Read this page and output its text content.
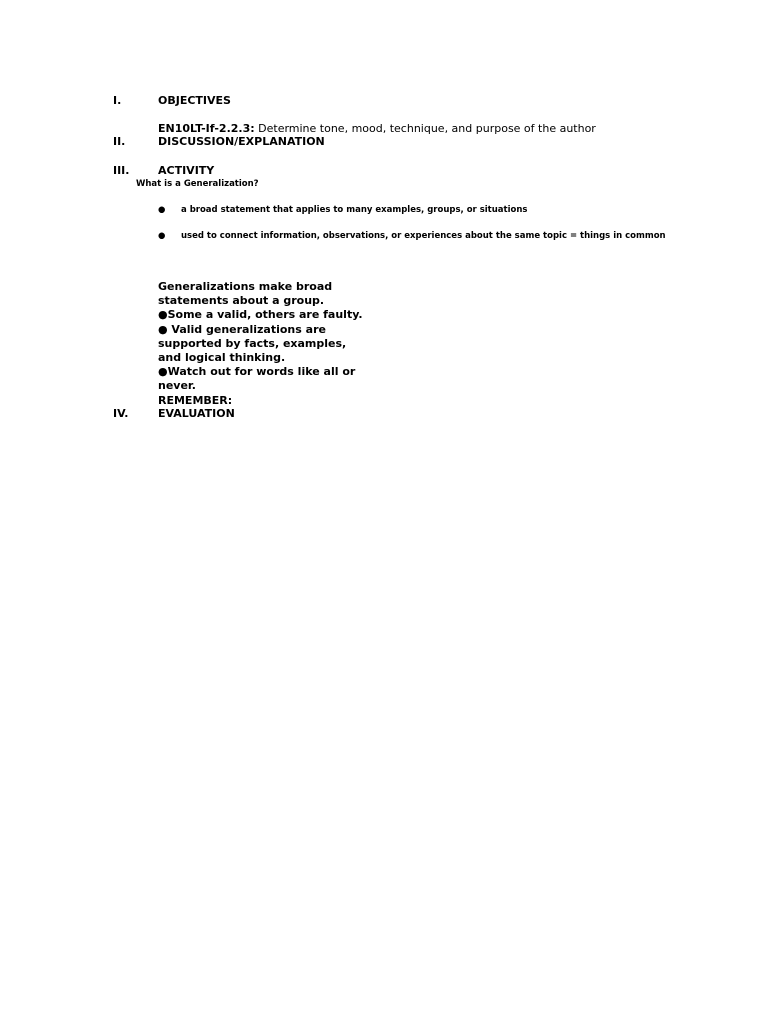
I.	OBJECTIVES
EN10LT-If-2.2.3: Determine tone, mood, technique, and purpose of the author
II.	DISCUSSION/EXPLANATION
III.	ACTIVITY
What is a Generalization?
● a broad statement that applies to many examples, groups, or situations
● used to connect information, observations, or experiences about the same topic = things in common
Generalizations make broad
statements about a group.
●Some a valid, others are faulty.
● Valid generalizations are
supported by facts, examples,
and logical thinking.
●Watch out for words like all or
never.
REMEMBER:
IV.	EVALUATION
